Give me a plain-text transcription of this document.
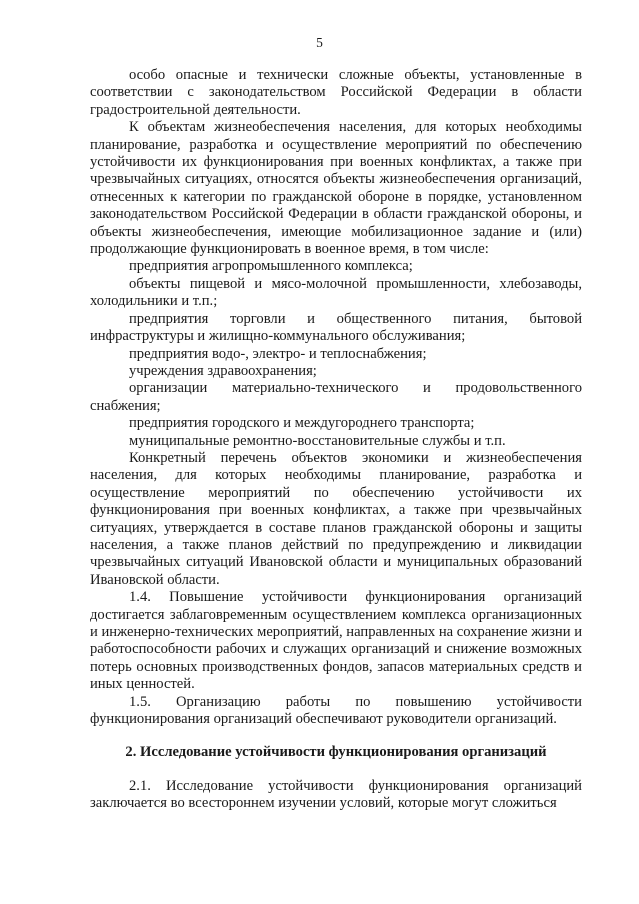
5

особо опасные и технически сложные объекты, установленные в соответствии с законодательством Российской Федерации в области градостроительной деятельности.

К объектам жизнеобеспечения населения, для которых необходимы планирование, разработка и осуществление мероприятий по обеспечению устойчивости их функционирования при военных конфликтах, а также при чрезвычайных ситуациях, относятся объекты жизнеобеспечения организаций, отнесенных к категории по гражданской обороне в порядке, установленном законодательством Российской Федерации в области гражданской обороны, и объекты жизнеобеспечения, имеющие мобилизационное задание и (или) продолжающие функционировать в военное время, в том числе:

предприятия агропромышленного комплекса;

объекты пищевой и мясо-молочной промышленности, хлебозаводы, холодильники и т.п.;

предприятия торговли и общественного питания, бытовой инфраструктуры и жилищно-коммунального обслуживания;

предприятия водо-, электро- и теплоснабжения;

учреждения здравоохранения;

организации материально-технического и продовольственного снабжения;

предприятия городского и междугороднего транспорта;

муниципальные ремонтно-восстановительные службы и т.п.

Конкретный перечень объектов экономики и жизнеобеспечения населения, для которых необходимы планирование, разработка и осуществление мероприятий по обеспечению устойчивости их функционирования при военных конфликтах, а также при чрезвычайных ситуациях, утверждается в составе планов гражданской обороны и защиты населения, а также планов действий по предупреждению и ликвидации чрезвычайных ситуаций Ивановской области и муниципальных образований Ивановской области.

1.4. Повышение устойчивости функционирования организаций достигается заблаговременным осуществлением комплекса организационных и инженерно-технических мероприятий, направленных на сохранение жизни и работоспособности рабочих и служащих организаций и снижение возможных потерь основных производственных фондов, запасов материальных средств и иных ценностей.

1.5. Организацию работы по повышению устойчивости функционирования организаций обеспечивают руководители организаций.

2. Исследование устойчивости функционирования организаций

2.1. Исследование устойчивости функционирования организаций заключается во всестороннем изучении условий, которые могут сложиться
